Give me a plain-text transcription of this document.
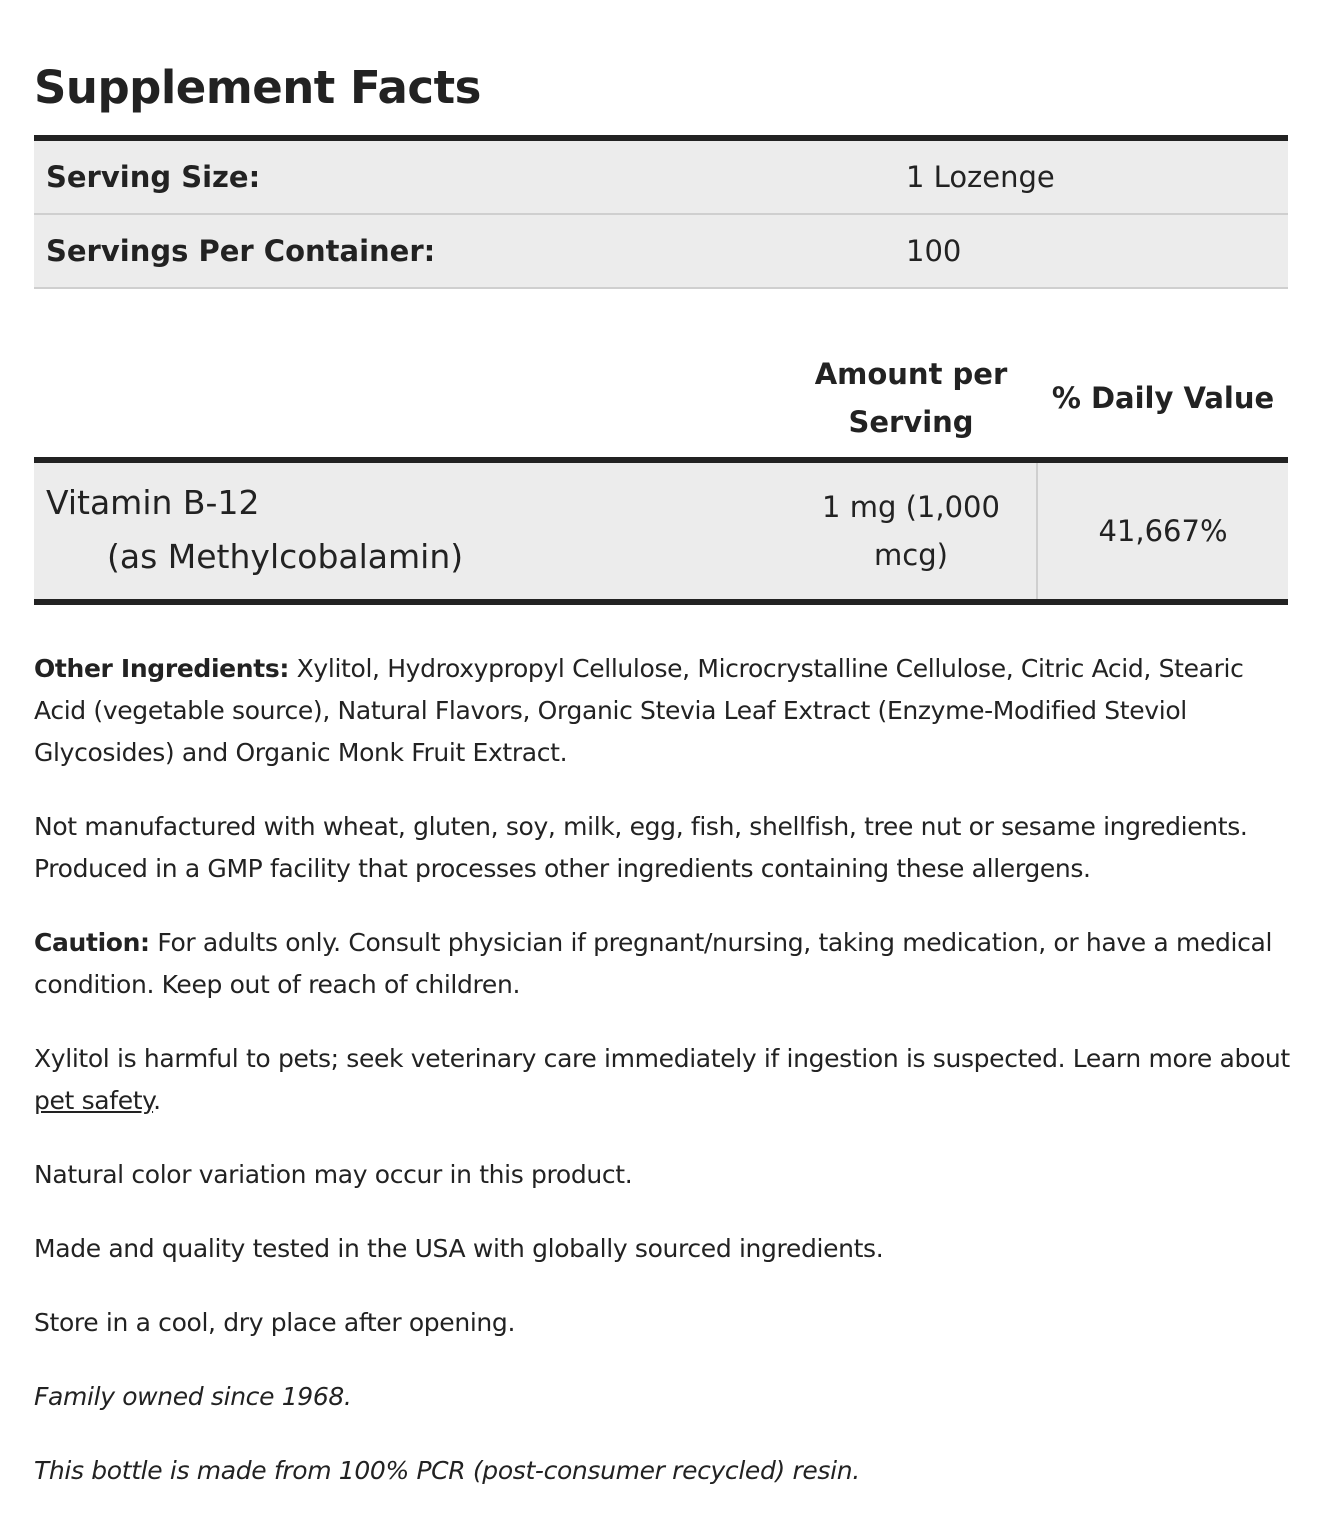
Supplement Facts
Serving Size:	1 Lozenge
Servings Per Container:	100
Amount per
Serving
% Daily Value
Vitamin B-12
(as Methylcobalamin)
1 mg (1,000
mcg)
41,667%

Other Ingredients: Xylitol, Hydroxypropyl Cellulose, Microcrystalline Cellulose, Citric Acid, Stearic Acid (vegetable source), Natural Flavors, Organic Stevia Leaf Extract (Enzyme-Modified Steviol Glycosides) and Organic Monk Fruit Extract.

Not manufactured with wheat, gluten, soy, milk, egg, fish, shellfish, tree nut or sesame ingredients. Produced in a GMP facility that processes other ingredients containing these allergens.

Caution: For adults only. Consult physician if pregnant/nursing, taking medication, or have a medical condition. Keep out of reach of children.

Xylitol is harmful to pets; seek veterinary care immediately if ingestion is suspected. Learn more about pet safety.

Natural color variation may occur in this product.

Made and quality tested in the USA with globally sourced ingredients.

Store in a cool, dry place after opening.

Family owned since 1968.

This bottle is made from 100% PCR (post-consumer recycled) resin.
